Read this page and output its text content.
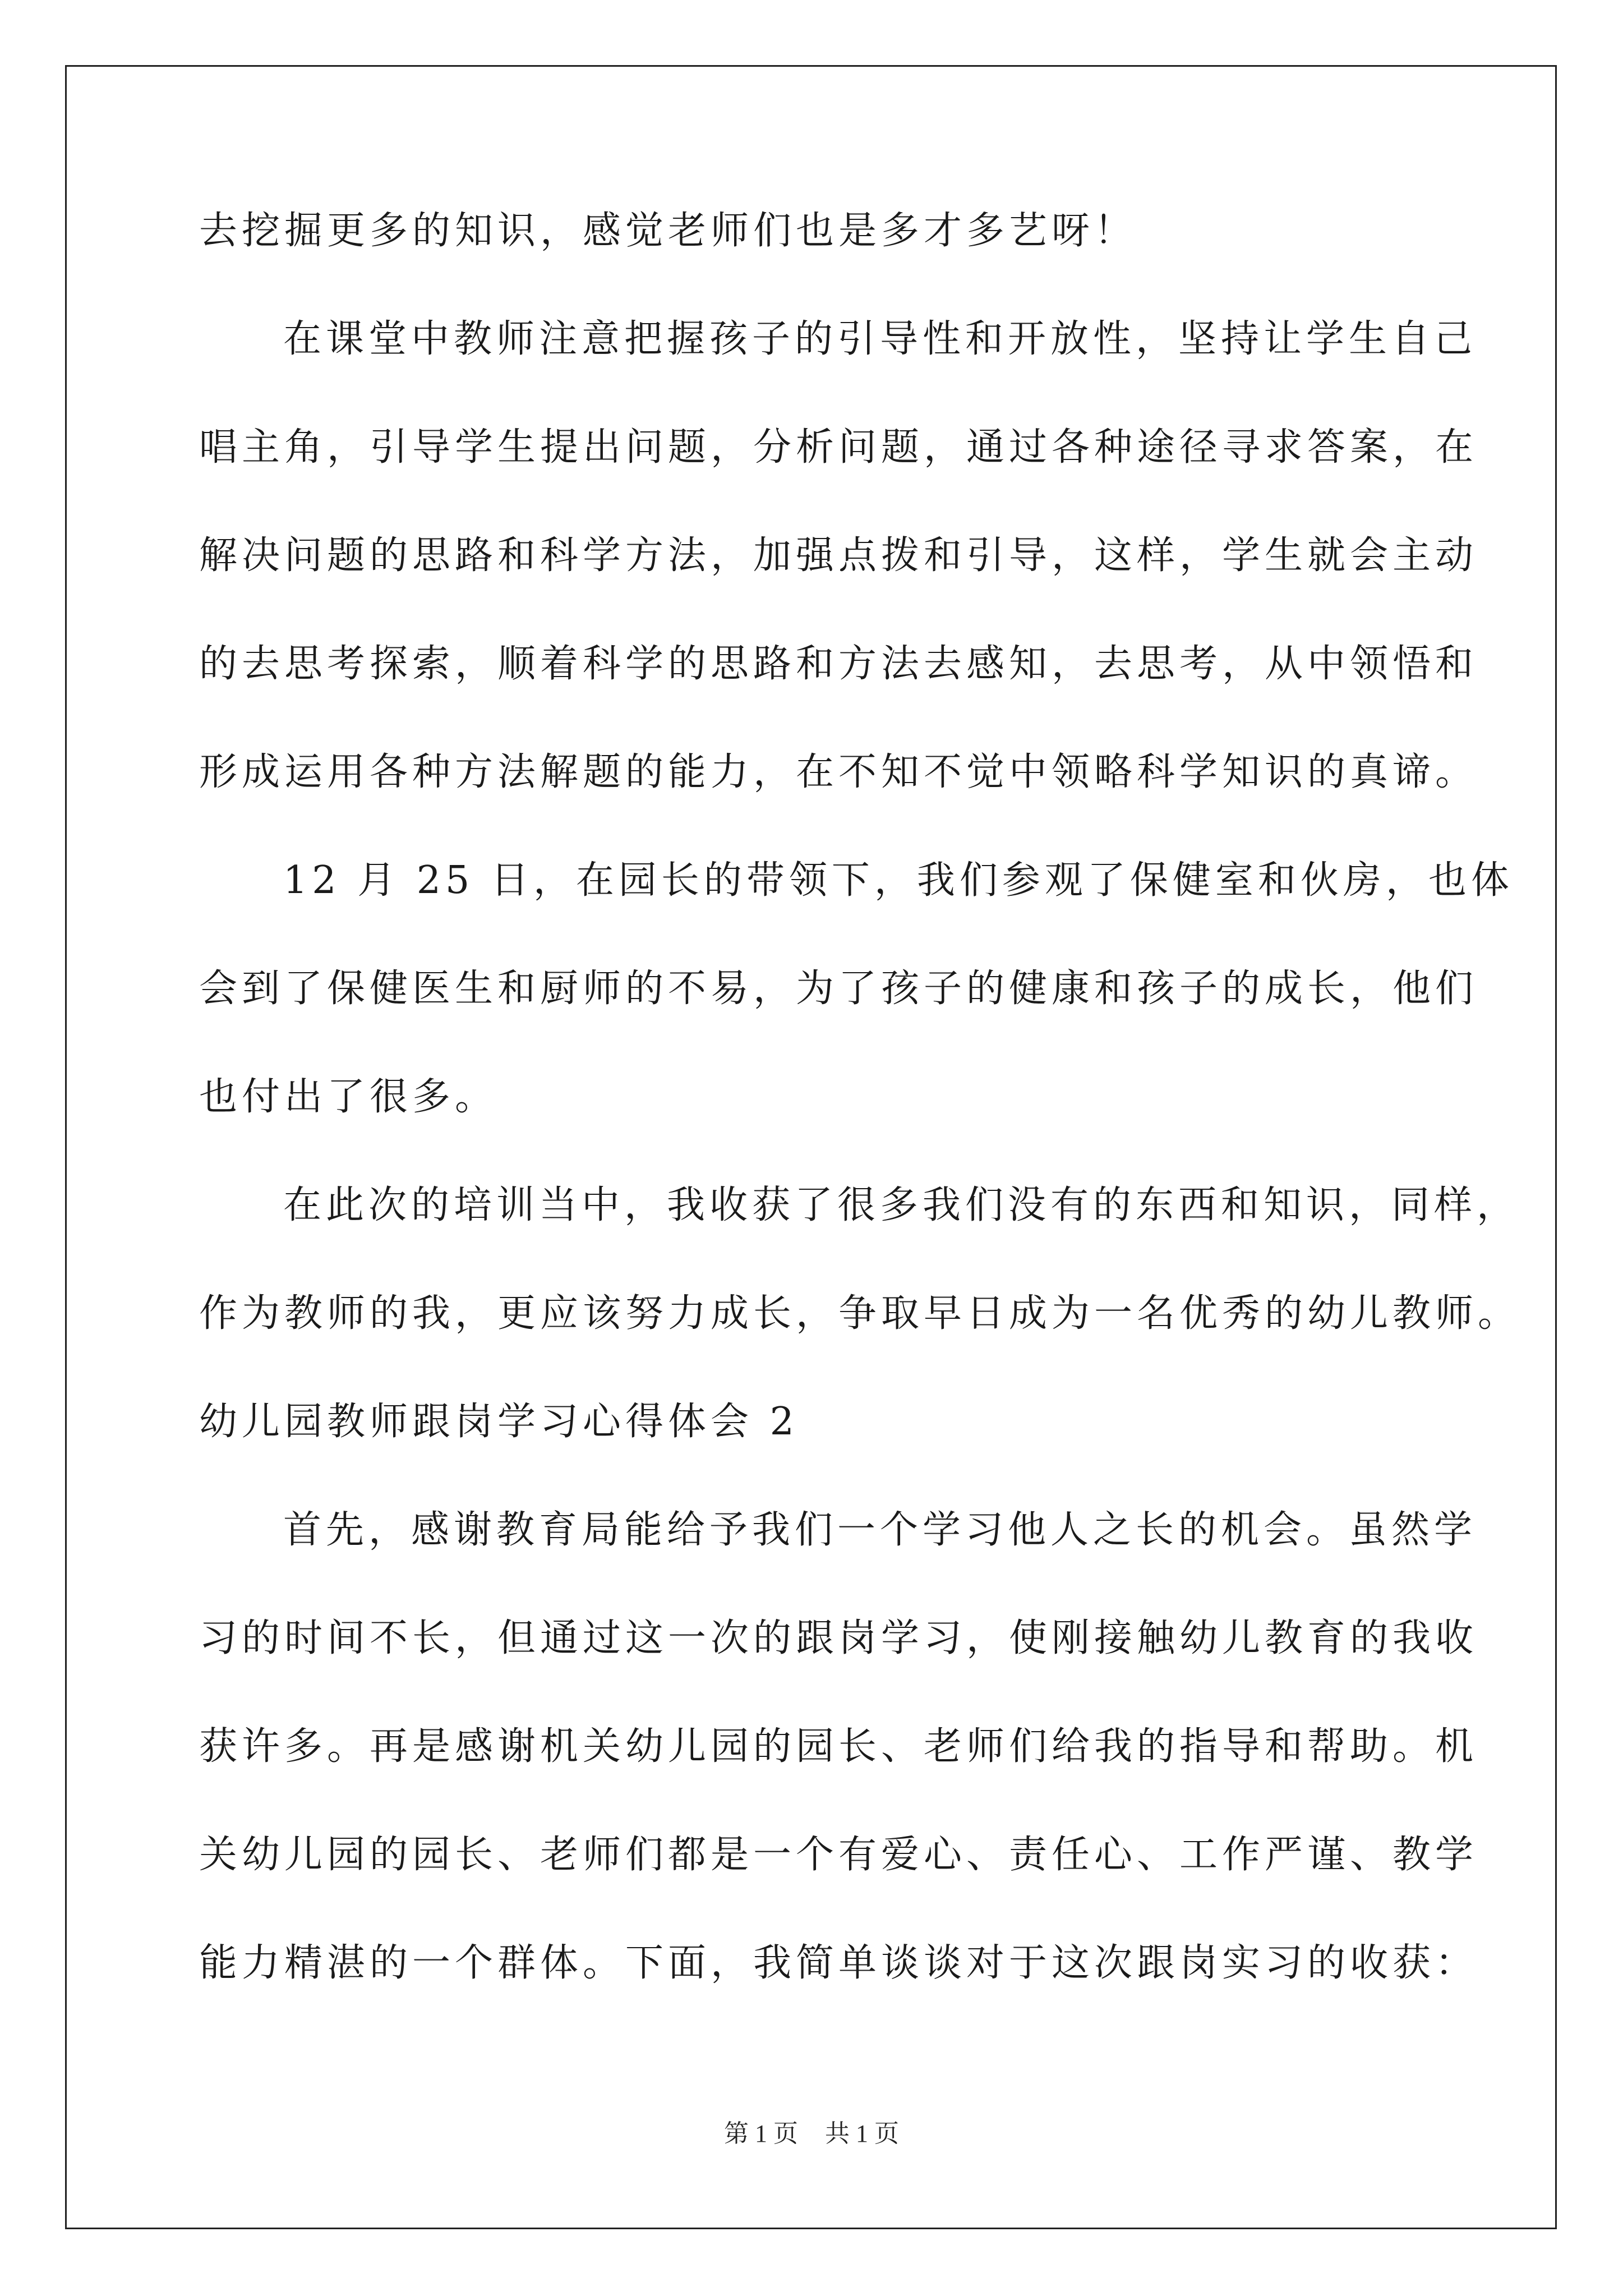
去挖掘更多的知识，感觉老师们也是多才多艺呀！
在课堂中教师注意把握孩子的引导性和开放性，坚持让学生自己
唱主角，引导学生提出问题，分析问题，通过各种途径寻求答案，在
解决问题的思路和科学方法，加强点拨和引导，这样，学生就会主动
的去思考探索，顺着科学的思路和方法去感知，去思考，从中领悟和
形成运用各种方法解题的能力，在不知不觉中领略科学知识的真谛。
12 月 25 日，在园长的带领下，我们参观了保健室和伙房，也体
会到了保健医生和厨师的不易，为了孩子的健康和孩子的成长，他们
也付出了很多。
在此次的培训当中，我收获了很多我们没有的东西和知识，同样，
作为教师的我，更应该努力成长，争取早日成为一名优秀的幼儿教师。
幼儿园教师跟岗学习心得体会 2
首先，感谢教育局能给予我们一个学习他人之长的机会。虽然学
习的时间不长，但通过这一次的跟岗学习，使刚接触幼儿教育的我收
获许多。再是感谢机关幼儿园的园长、老师们给我的指导和帮助。机
关幼儿园的园长、老师们都是一个有爱心、责任心、工作严谨、教学
能力精湛的一个群体。下面，我简单谈谈对于这次跟岗实习的收获：
第 1 页 共 1 页
